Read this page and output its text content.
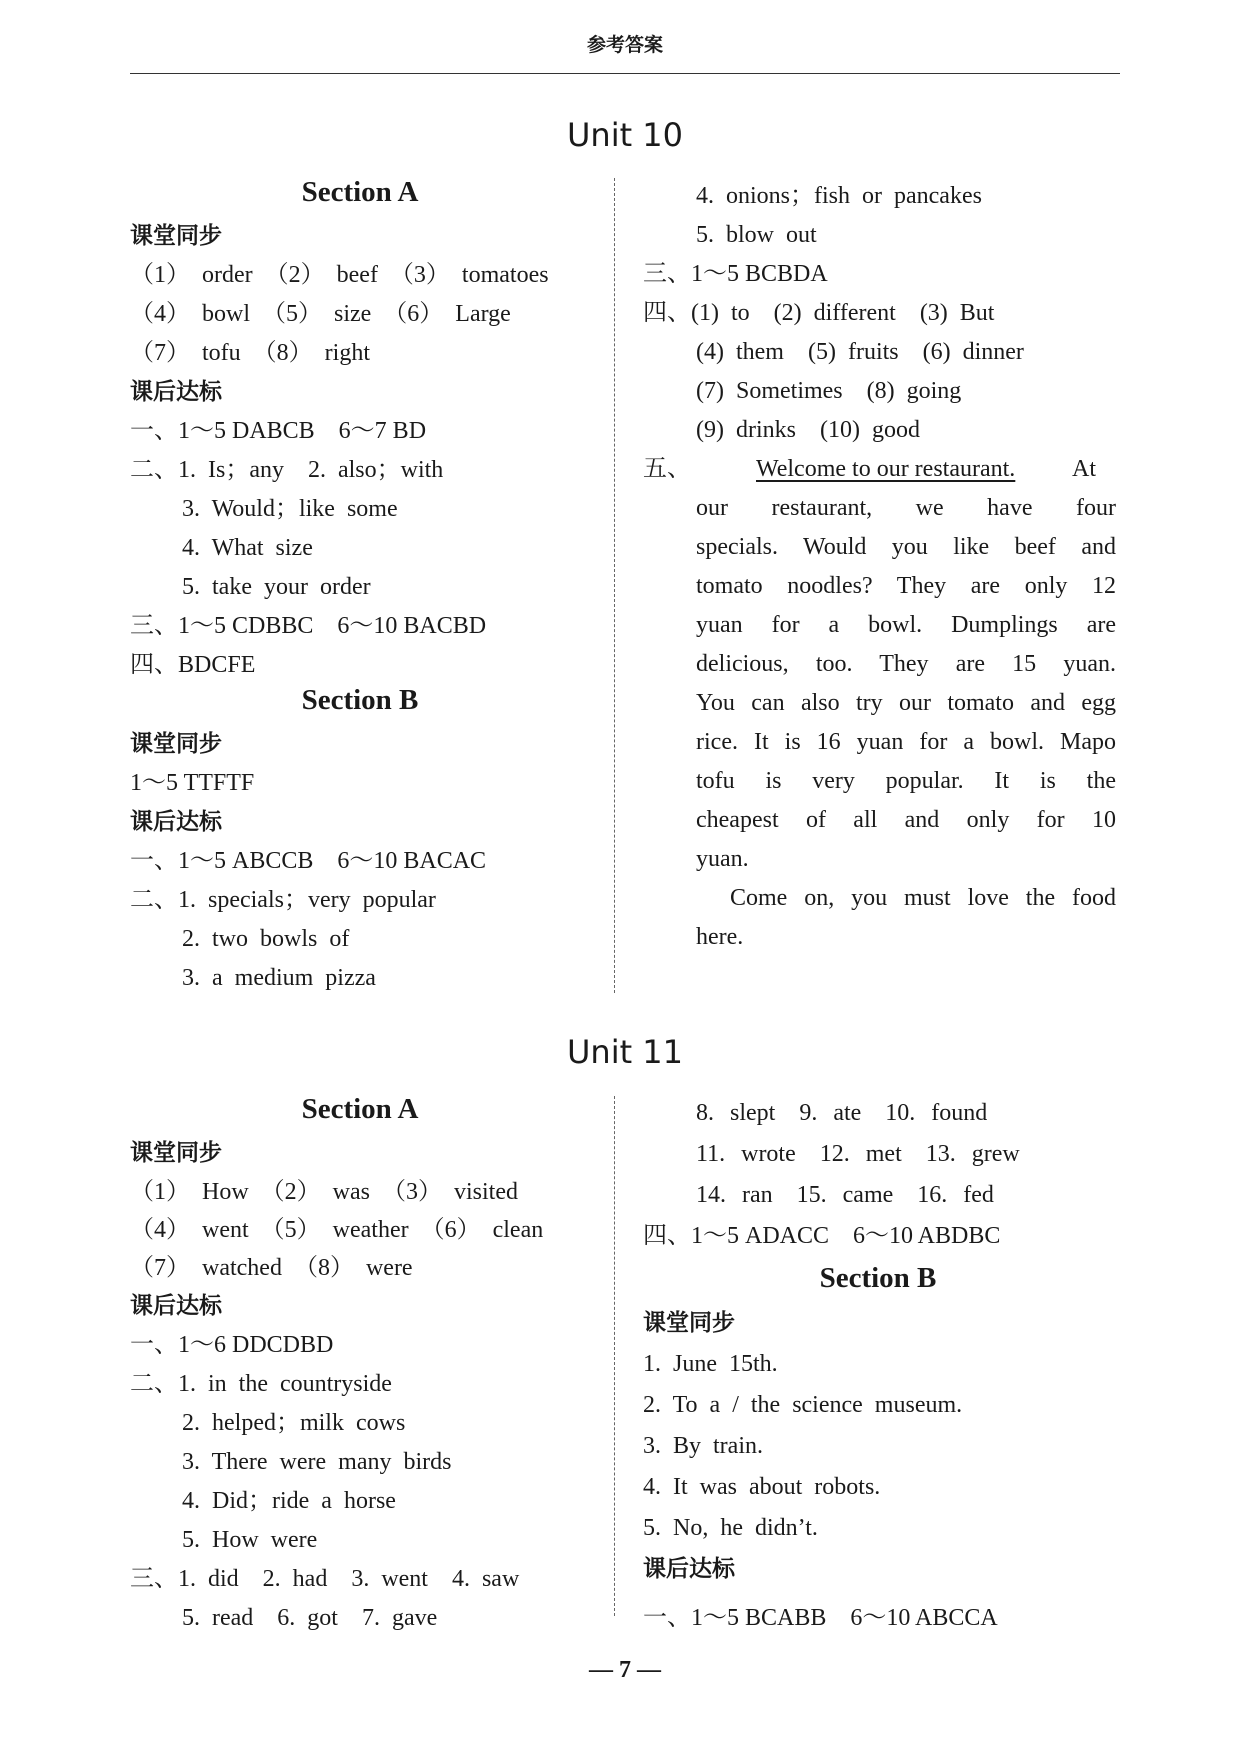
参考答案
Unit 10
Section A
课堂同步
（1） order　（2） beef　（3） tomatoes
（4） bowl　（5） size　（6） Large
（7） tofu　（8） right
课后达标
一、1～5 DABCB　6～7 BD
二、1. Is；any　2. also；with
3. Would；like some
4. What size
5. take your order
三、1～5 CDBBC　6～10 BACBD
四、BDCFE
Section B
课堂同步
1～5 TTFTF
课后达标
一、1～5 ABCCB　6～10 BACAC
二、1. specials；very popular
2. two bowls of
3. a medium pizza
4. onions；fish or pancakes
5. blow out
三、1～5 BCBDA
四、(1) to　(2) different　(3) But
(4) them　(5) fruits　(6) dinner
(7) Sometimes　(8) going
(9) drinks　(10) good
五、	Welcome to our restaurant. At
our restaurant, we have four
specials. Would you like beef and
tomato noodles? They are only 12
yuan for a bowl. Dumplings are
delicious, too. They are 15 yuan.
You can also try our tomato and egg
rice. It is 16 yuan for a bowl. Mapo
tofu is very popular. It is the
cheapest of all and only for 10
yuan.
Come on, you must love the food
here.
Unit 11
Section A
课堂同步
（1） How　（2） was　（3） visited
（4） went　（5） weather　（6） clean
（7） watched　（8） were
课后达标
一、1～6 DDCDBD
二、1. in the countryside
2. helped；milk cows
3. There were many birds
4. Did；ride a horse
5. How were
三、1. did　2. had　3. went　4. saw
5. read　6. got　7. gave
8. slept　9. ate　10. found
11. wrote　12. met　13. grew
14. ran　15. came　16. fed
四、1～5 ADACC　6～10 ABDBC
Section B
课堂同步
1. June 15th.
2. To a / the science museum.
3. By train.
4. It was about robots.
5. No, he didn’t.
课后达标
一、1～5 BCABB　6～10 ABCCA
— 7 —
